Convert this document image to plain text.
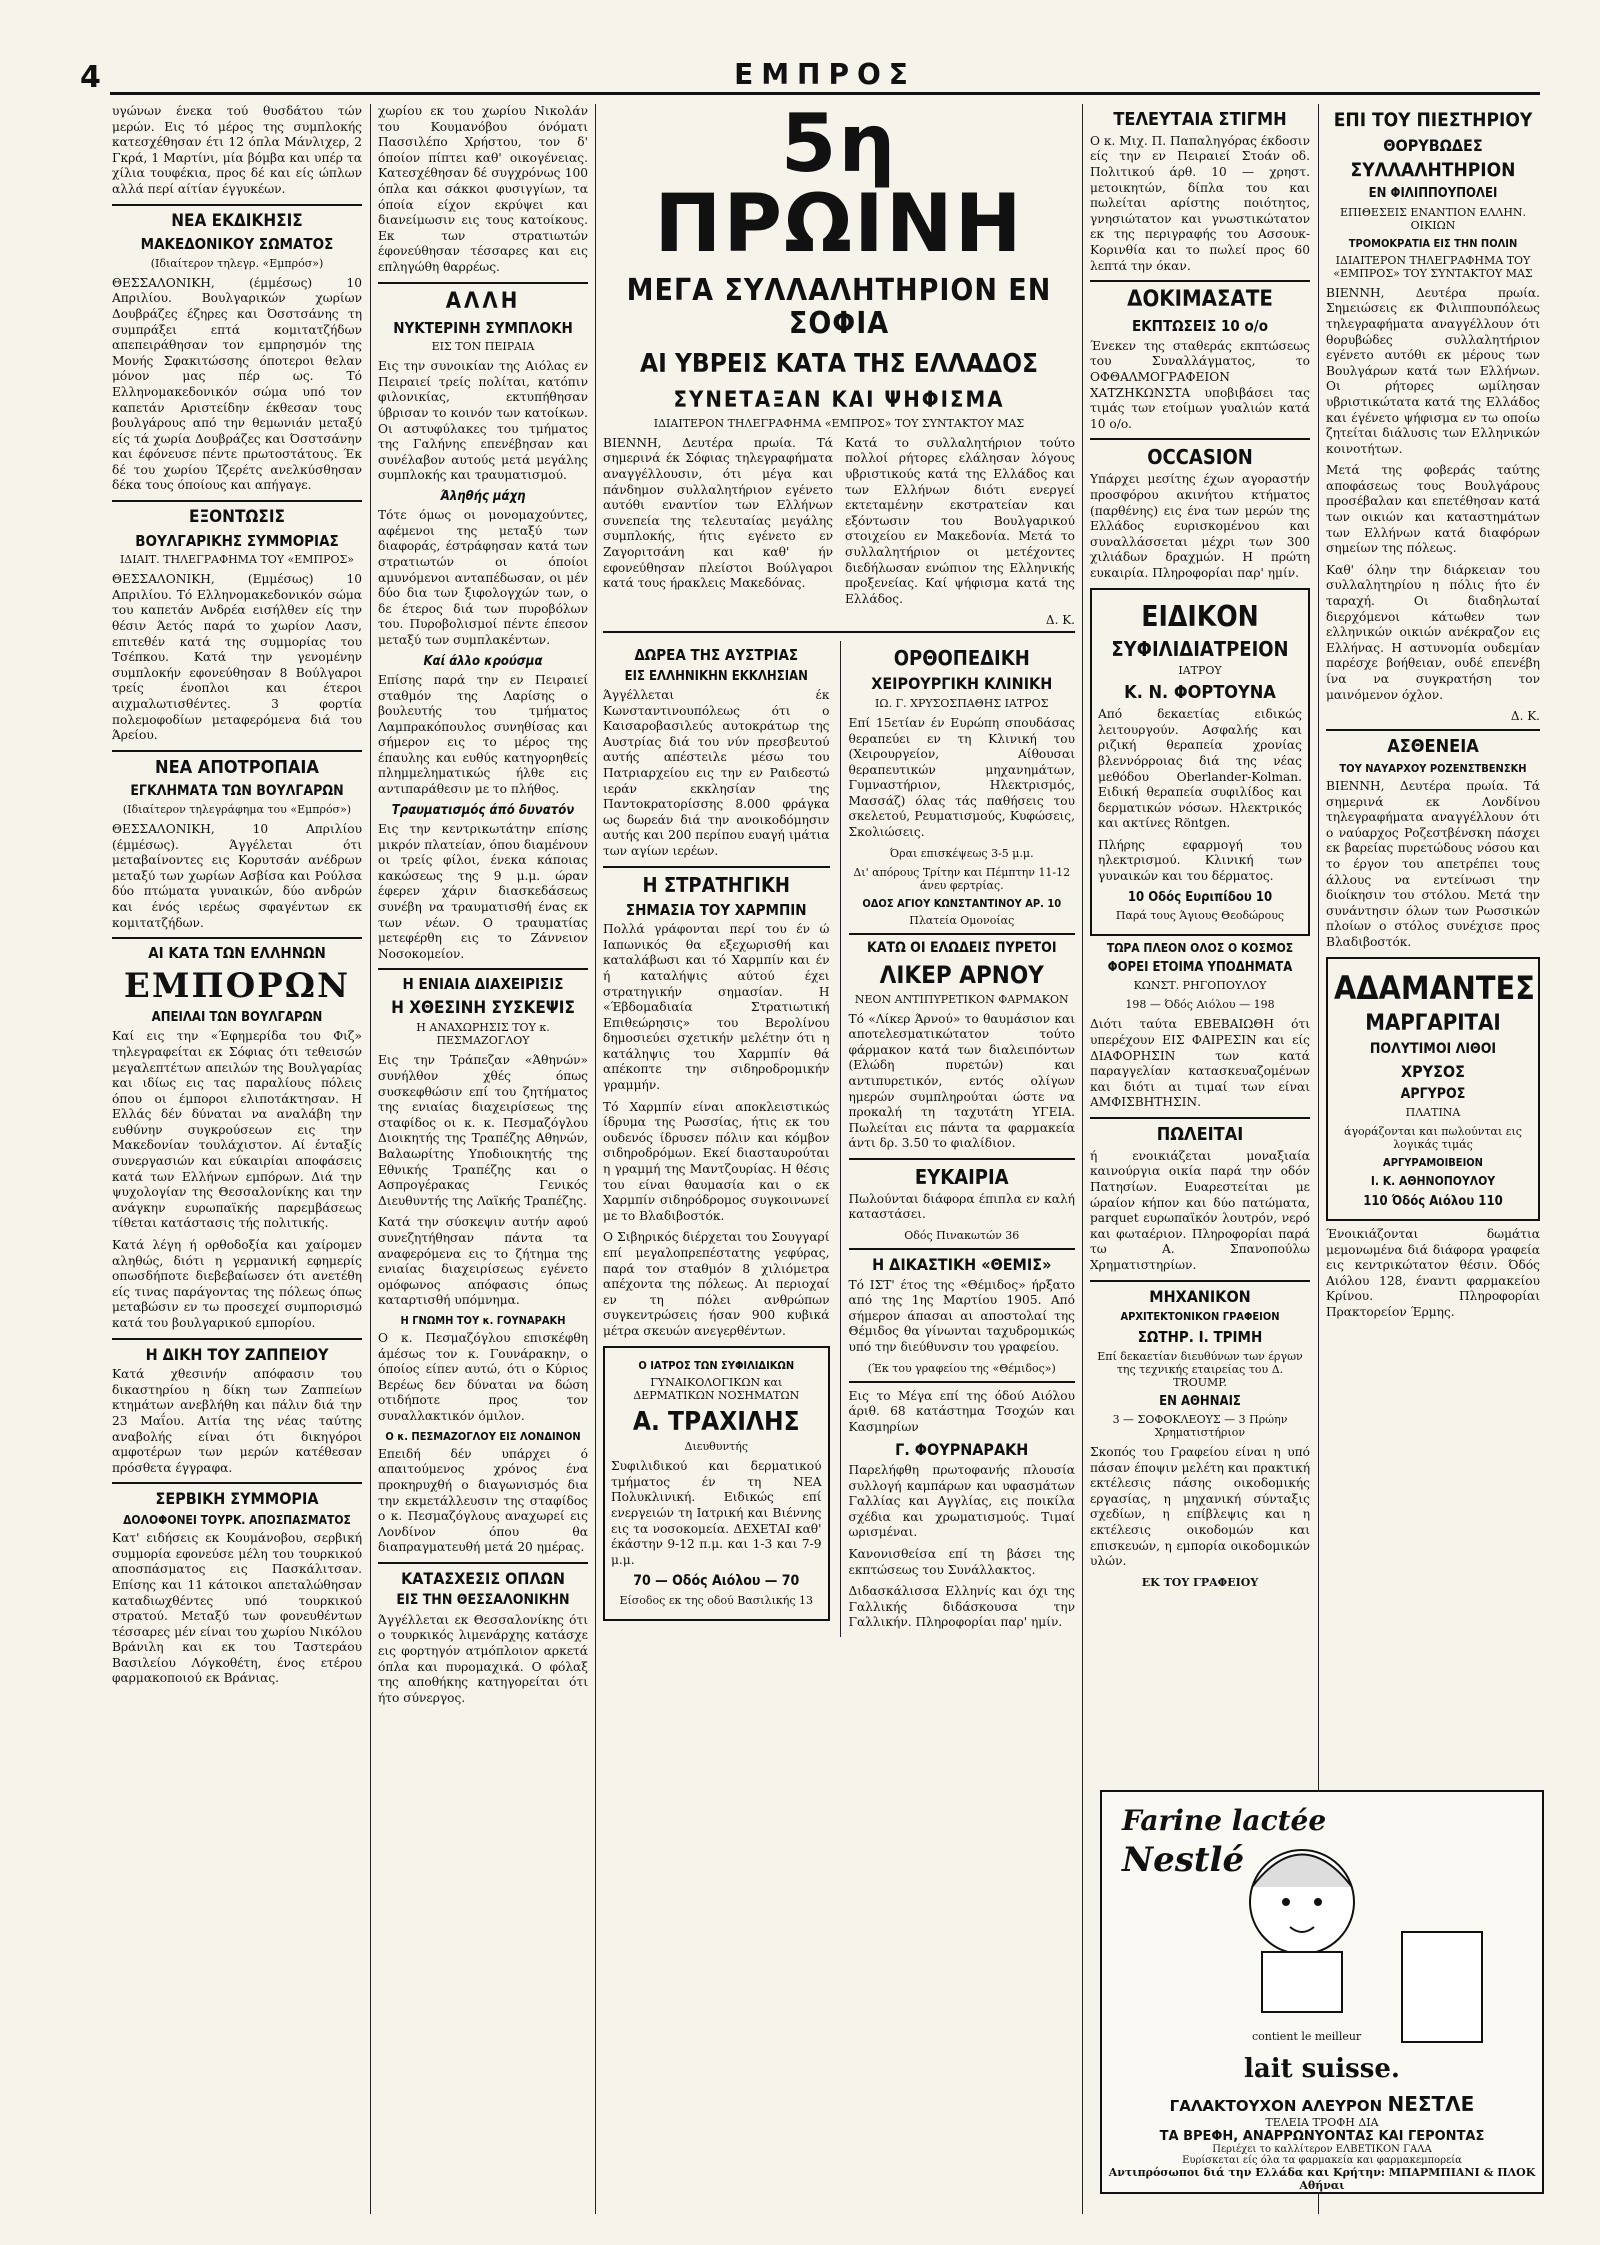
4	ΕΜΠΡΟΣ

υγώνων ένεκα τού θυσδάτου τών μερών. Εις τό μέρος της συμπλοκής κατεσχέθησαν έτι 12 όπλα Μάνλιχερ, 2 Γκρά, 1 Μαρτίνι, μία βόμβα και υπέρ τα χίλια τουφέκια, προς δέ και είς ώπλων αλλά περί αίτίαν έγγυκέων.

ΝΕΑ ΕΚΔΙΚΗΣΙΣ
ΜΑΚΕΔΟΝΙΚΟΥ ΣΩΜΑΤΟΣ
(Ιδιαίτερον τηλεγρ. «Εμπρόσ»)

ΘΕΣΣΑΛΟΝΙΚΗ, (έμμέσως) 10 Απριλίου. Βουλγαρικών χωρίων Δουβράζες έζηρες και Όσστσάνης τη συμπράξει επτά κομιτατζήδων απεπειράθησαν τον εμπρησμόν της Μονής Σφακιτώσσης όποτεροι θελαν μόνον μας πέρ ως. Τό Ελληνομακεδονικόν σώμα υπό τον καπετάν Αριστείδην έκθεσαν τους βουλγάρους από την θεμωνιάν μεταξύ είς τά χωρία Δουβράζες και Όσστσάνην και έφόνευσε πέντε πρωτοστάτους. Έκ δέ του χωρίου Ίζερέτς ανελκύσθησαν δέκα τους όποίους και απήγαγε.

ΕΞΟΝΤΩΣΙΣ
ΒΟΥΛΓΑΡΙΚΗΣ ΣΥΜΜΟΡΙΑΣ
ΙΔΙΑΙΤ. ΤΗΛΕΓΡΑΦΗΜΑ ΤΟΥ «ΕΜΠΡΟΣ»

ΘΕΣΣΑΛΟΝΙΚΗ, (Εμμέσως) 10 Απριλίου. Τό Ελληνομακεδονικόν σώμα του καπετάν Ανδρέα εισήλθεν είς την θέσιν Άετός παρά το χωρίον Λασν, επιτεθέν κατά της συμμορίας του Τσέπκου. Κατά την γενομένην συμπλοκήν εφονεύθησαν 8 Βούλγαροι τρείς ένοπλοι και έτεροι αιχμαλωτισθέντες. 3 φορτία πολεμοφοδίων μεταφερόμενα διά του Άρείου.

ΝΕΑ ΑΠΟΤΡΟΠΑΙΑ
ΕΓΚΛΗΜΑΤΑ ΤΩΝ ΒΟΥΛΓΑΡΩΝ
(Ιδιαίτερον τηλεγράφημα του «Εμπρόσ»)

ΘΕΣΣΑΛΟΝΙΚΗ, 10 Απριλίου (έμμέσως). Άγγέλεται ότι μεταβαίνοντες εις Κορυτσάν ανέδρων μεταξύ των χωρίων Ασβίσα και Ρούλσα δύο πτώματα γυναικών, δύο ανδρών και ένός ιερέως σφαγέντων εκ κομιτατζήδων.

ΑΙ ΚΑΤΑ ΤΩΝ ΕΛΛΗΝΩΝ
ΕΜΠΟΡΩΝ
ΑΠΕΙΛΑΙ ΤΩΝ ΒΟΥΛΓΑΡΩΝ

Καί εις την «Έφημερίδα του Φιζ» τηλεγραφείται εκ Σόφιας ότι τεθεισών μεγαλεπτέτων απειλών της Βουλγαρίας και ιδίως εις τας παραλίους πόλεις όπου οι έμποροι ελιποτάκτησαν. Η Ελλάς δέν δύναται να αναλάβη την ευθύνην συγκρούσεων εις την Μακεδονίαν τουλάχιστον. Αί ένταξίς συνεργασιών και εύκαιρίαι αποφάσεις κατά των Ελλήνων εμπόρων. Διά την ψυχολογίαν της Θεσσαλονίκης και την ανάγκην ευρωπαϊκής παρεμβάσεως τίθεται κατάστασις τής πολιτικής.

Κατά λέγη ή ορθοδοξία και χαίρομεν αληθώς, διότι η γερμανική εφημερίς οπωσδήποτε διεβεβαίωσεν ότι ανετέθη είς τινας παράγοντας της πόλεως όπως μεταβώσιν εν τω προσεχεί συμπορισμώ κατά του βουλγαρικού εμπορίου.

Η ΔΙΚΗ ΤΟΥ ΖΑΠΠΕΙΟΥ

Κατά χθεσινήν απόφασιν του δικαστηρίου η δίκη των Ζαππείων κτημάτων ανεβλήθη και πάλιν διά την 23 Μαΐου. Αιτία της νέας ταύτης αναβολής είναι ότι δικηγόροι αμφοτέρων των μερών κατέθεσαν πρόσθετα έγγραφα.

ΣΕΡΒΙΚΗ ΣΥΜΜΟΡΙΑ
ΔΟΛΟΦΟΝΕΙ ΤΟΥΡΚ. ΑΠΟΣΠΑΣΜΑΤΟΣ

Κατ' ειδήσεις εκ Κουμάνοβου, σερβική συμμορία εφονεύσε μέλη του τουρκικού αποσπάσματος εις Πασκάλιτσαν. Επίσης και 11 κάτοικοι απεταλώθησαν καταδιωχθέντες υπό τουρκικού στρατού. Μεταξύ των φονευθέντων τέσσαρες μέν είναι του χωρίου Νικόλου Βράνιλη και εκ του Ταστεράου Βασιλείου Λόγκοθέτη, ένος ετέρου φαρμακοποιού εκ Βράνιας.

χωρίου εκ του χωρίου Νικολάν του Κουμανόβου όνόματι Πασσιλέπο Χρήστου, τον δ' όποίον πίπτει καθ' οικογένειας. Κατεσχέθησαν δέ συγχρόνως 100 όπλα και σάκκοι φυσιγγίων, τα όποία είχον εκρύψει και διανείμωσιν εις τους κατοίκους. Εκ των στρατιωτών έφονεύθησαν τέσσαρες και εις επληγώθη θαρρέως.

ΑΛΛΗ
ΝΥΚΤΕΡΙΝΗ ΣΥΜΠΛΟΚΗ
ΕΙΣ ΤΟΝ ΠΕΙΡΑΙΑ

Εις την συνοικίαν της Αιόλας εν Πειραιεί τρείς πολίται, κατόπιν φιλονικίας, εκτυπήθησαν ύβρισαν το κοινόν των κατοίκων. Οι αστυφύλακες του τμήματος της Γαλήνης επενέβησαν και συνέλαβον αυτούς μετά μεγάλης συμπλοκής και τραυματισμού.

Άληθής μάχη

Τότε όμως οι μονομαχούντες, αφέμενοι της μεταξύ των διαφοράς, έστράφησαν κατά των στρατιωτών οι όποίοι αμυνόμενοι ανταπέδωσαν, οι μέν δύο δια των ξιφολογχών των, ο δε έτερος διά των πυροβόλων του. Πυροβολισμοί πέντε έπεσον μεταξύ των συμπλακέντων.

Καί άλλο κρούσμα

Επίσης παρά την εν Πειραιεί σταθμόν της Λαρίσης ο βουλευτής του τμήματος Λαμπρακόπουλος συνηθίσας και σήμερον εις το μέρος της έπαυλης και ευθύς κατηγορηθείς πλημμεληματικώς ήλθε εις αντιπαράθεσιν με το πλήθος.

Τραυματισμός άπό δυνατόν

Εις την κεντρικωτάτην επίσης μικρόν πλατείαν, όπου διαμένουν οι τρείς φίλοι, ένεκα κάποιας κακώσεως της 9 μ.μ. ώραν έφερεν χάριν διασκεδάσεως συνέβη να τραυματισθή ένας εκ των νέων. Ο τραυματίας μετεφέρθη εις το Ζάννειον Νοσοκομείον.

Η ΕΝΙΑΙΑ ΔΙΑΧΕΙΡΙΣΙΣ
Η ΧΘΕΣΙΝΗ ΣΥΣΚΕΨΙΣ
Η ΑΝΑΧΩΡΗΣΙΣ ΤΟΥ κ. ΠΕΣΜΑΖΟΓΛΟΥ

Εις την Τράπεζαν «Άθηνών» συνήλθον χθές όπως συσκεφθώσιν επί του ζητήματος της ενιαίας διαχειρίσεως της σταφίδος οι κ. κ. Πεσμαζόγλου Διοικητής της Τραπέζης Αθηνών, Βαλαωρίτης Υποδιοικητής της Εθνικής Τραπέζης και ο Ασπρογέρακας Γενικός Διευθυντής της Λαϊκής Τραπέζης.

Κατά την σύσκεψιν αυτήν αφού συνεζητήθησαν πάντα τα αναφερόμενα εις το ζήτημα της ενιαίας διαχειρίσεως εγένετο ομόφωνος απόφασις όπως καταρτισθή υπόμνημα.

Η ΓΝΩΜΗ ΤΟΥ κ. ΓΟΥΝΑΡΑΚΗ

Ο κ. Πεσμαζόγλου επισκέφθη άμέσως τον κ. Γουνάρακην, ο όποίος είπεν αυτώ, ότι ο Κύριος Βερέως δεν δύναται να δώση οτιδήποτε προς τον συναλλακτικόν όμιλον.

Ο κ. ΠΕΣΜΑΖΟΓΛΟΥ ΕΙΣ ΛΟΝΔΙΝΟΝ

Επειδή δέν υπάρχει ό απαιτούμενος χρόνος ένα προκηρυχθή ο διαγωνισμός δια την εκμετάλλευσιν της σταφίδος ο κ. Πεσμαζόγλους αναχωρεί εις Λονδίνον όπου θα διαπραγματευθή μετά 20 ημέρας.

ΚΑΤΑΣΧΕΣΙΣ ΟΠΛΩΝ
ΕΙΣ ΤΗΝ ΘΕΣΣΑΛΟΝΙΚΗΝ

Άγγέλλεται εκ Θεσσαλονίκης ότι ο τουρκικός λιμενάρχης κατάσχε εις φορτηγόν ατμόπλοιον αρκετά όπλα και πυρομαχικά. Ο φόλαξ της αποθήκης κατηγορείται ότι ήτο σύνεργος.

5η ΠΡΩΙΝΗ
ΜΕΓΑ ΣΥΛΛΑΛΗΤΗΡΙΟΝ ΕΝ ΣΟΦΙΑ
ΑΙ ΥΒΡΕΙΣ ΚΑΤΑ ΤΗΣ ΕΛΛΑΔΟΣ
ΣΥΝΕΤΑΞΑΝ ΚΑΙ ΨΗΦΙΣΜΑ
ΙΔΙΑΙΤΕΡΟΝ ΤΗΛΕΓΡΑΦΗΜΑ «ΕΜΠΡΟΣ» ΤΟΥ ΣΥΝΤΑΚΤΟΥ ΜΑΣ

ΒΙΕΝΝΗ, Δευτέρα πρωία. Τά σημερινά έκ Σόφιας τηλεγραφήματα αναγγέλλουσιν, ότι μέγα και πάνδημον συλλαλητήριον εγένετο αυτόθι εναντίον των Ελλήνων συνεπεία της τελευταίας μεγάλης συμπλοκής, ήτις εγένετο εν Ζαγοριτσάνη και καθ' ήν εφονεύθησαν πλείστοι Βούλγαροι κατά τους ήρακλεις Μακεδόνας.

Κατά το συλλαλητήριον τούτο πολλοί ρήτορες ελάλησαν λόγους υβριστικούς κατά της Ελλάδος και των Ελλήνων διότι ενεργεί εκτεταμένην εκστρατείαν και εξόντωσιν του Βουλγαρικού στοιχείου εν Μακεδονία. Μετά το συλλαλητήριον οι μετέχοντες διεδήλωσαν ενώπιον της Ελληνικής προξενείας. Καί ψήφισμα κατά της Ελλάδος.

Δ. Κ.
ΔΩΡΕΑ ΤΗΣ ΑΥΣΤΡΙΑΣ
ΕΙΣ ΕΛΛΗΝΙΚΗΝ ΕΚΚΛΗΣΙΑΝ

Άγγέλλεται έκ Κωνσταντινουπόλεως ότι ο Καισαροβασιλεύς αυτοκράτωρ της Αυστρίας διά του νύν πρεσβευτού αυτής απέστειλε μέσω του Πατριαρχείου εις την εν Ραιδεστώ ιεράν εκκλησίαν της Παντοκρατορίσσης 8.000 φράγκα ως δωρεάν διά την ανοικοδόμησιν αυτής και 200 περίπου ευαγή ιμάτια των αγίων ιερέων.

Η ΣΤΡΑΤΗΓΙΚΗ
ΣΗΜΑΣΙΑ ΤΟΥ ΧΑΡΜΠΙΝ

Πολλά γράφονται περί του έν ώ Ιαπωνικός θα εξεχωρισθή και καταλάβωσι και τό Χαρμπίν και έν ή καταλήψις αύτού έχει στρατηγικήν σημασίαν. Η «Έβδομαδιαία Στρατιωτική Επιθεώρησις» του Βερολίνου δημοσιεύει σχετικήν μελέτην ότι η κατάληψις του Χαρμπίν θά απέκοπτε την σιδηροδρομικήν γραμμήν.

Τό Χαρμπίν είναι αποκλειστικώς ίδρυμα της Ρωσσίας, ήτις εκ του ουδενός ίδρυσεν πόλιν και κόμβον σιδηροδρόμων. Εκεί διασταυρούται η γραμμή της Μαντζουρίας. Η θέσις του είναι θαυμασία και ο εκ Χαρμπίν σιδηρόδρομος συγκοινωνεί με το Βλαδιβοστόκ.

Ο Σιβηρικός διέρχεται του Σουγγαρί επί μεγαλοπρεπέστατης γεφύρας, παρά τον σταθμόν 8 χιλιόμετρα απέχοντα της πόλεως. Αι περιοχαί εν τη πόλει ανθρώπων συγκεντρώσεις ήσαν 900 κυβικά μέτρα σκευών ανεγερθέντων.

Ο ΙΑΤΡΟΣ ΤΩΝ ΣΥΦΙΛΙΔΙΚΩΝ
ΓΥΝΑΙΚΟΛΟΓΙΚΩΝ και ΔΕΡΜΑΤΙΚΩΝ ΝΟΣΗΜΑΤΩΝ
Α. ΤΡΑΧΙΛΗΣ
Διευθυντής

Συφιλιδικού και δερματικού τμήματος έν τη ΝΕΑ Πολυκλινική. Ειδικώς επί ενεργειών τη Ιατρική και Βιέννης εις τα νοσοκομεία. ΔΕΧΕΤΑΙ καθ' έκάστην 9-12 π.μ. και 1-3 και 7-9 μ.μ.

70 — Οδός Αιόλου — 70
Είσοδος εκ της οδού Βασιλικής 13
ΟΡΘΟΠΕΔΙΚΗ
ΧΕΙΡΟΥΡΓΙΚΗ ΚΛΙΝΙΚΗ
ΙΩ. Γ. ΧΡΥΣΟΣΠΑΘΗΣ ΙΑΤΡΟΣ

Επί 15ετίαν έν Ευρώπη σπουδάσας θεραπεύει εν τη Κλινική του (Χειρουργείον, Αίθουσαι θεραπευτικών μηχανημάτων, Γυμναστήριον, Ηλεκτρισμός, Μασσάζ) όλας τάς παθήσεις του σκελετού, Ρευματισμούς, Κυφώσεις, Σκολιώσεις.

Όραι επισκέψεως 3-5 μ.μ.
Δι' απόρους Τρίτην και Πέμπτην 11-12 άνευ φερτρίας.
ΟΔΟΣ ΑΓΙΟΥ ΚΩΝΣΤΑΝΤΙΝΟΥ ΑΡ. 10
Πλατεία Ομονοίας
ΚΑΤΩ ΟΙ ΕΛΩΔΕΙΣ ΠΥΡΕΤΟΙ
ΛΙΚΕΡ ΑΡΝΟΥ
ΝΕΟΝ ΑΝΤΙΠΥΡΕΤΙΚΟΝ ΦΑΡΜΑΚΟΝ

Τό «Λίκερ Άρνού» το θαυμάσιον και αποτελεσματικώτατον τούτο φάρμακον κατά των διαλειπόντων (Ελώδη πυρετών) και αντιπυρετικόν, εντός ολίγων ημερών συμπληρούται ώστε να προκαλή τη ταχυτάτη ΥΓΕΙΑ. Πωλείται εις πάντα τα φαρμακεία άντι δρ. 3.50 το φιαλίδιον.

ΕΥΚΑΙΡΙΑ

Πωλούνται διάφορα έπιπλα εν καλή καταστάσει.

Οδός Πινακωτών 36
Η ΔΙΚΑΣΤΙΚΗ «ΘΕΜΙΣ»

Τό ΙΣΤ' έτος της «Θέμιδος» ήρξατο από της 1ης Μαρτίου 1905. Από σήμερον άπασαι αι αποστολαί της Θέμιδος θα γίνωνται ταχυδρομικώς υπό την διεύθυνσιν του γραφείου.

(Έκ του γραφείου της «Θέμιδος»)

Εις το Μέγα επί της όδού Αιόλου άριθ. 68 κατάστημα Τσοχών και Κασμηρίων

Γ. ΦΟΥΡΝΑΡΑΚΗ

Παρελήφθη πρωτοφανής πλουσία συλλογή καμπάρων και υφασμάτων Γαλλίας και Αγγλίας, εις ποικίλα σχέδια και χρωματισμούς. Τιμαί ωρισμέναι.

Κανονισθείσα επί τη βάσει της εκπτώσεως του Συνάλλακτος.

Διδασκάλισσα Ελληνίς και όχι της Γαλλικής διδάσκουσα την Γαλλικήν. Πληροφορίαι παρ' ημίν.

ΤΕΛΕΥΤΑΙΑ ΣΤΙΓΜΗ

Ο κ. Μιχ. Π. Παπαληγόρας έκδοσιν είς την εν Πειραιεί Στοάν οδ. Πολιτικού άρθ. 10 — χρηστ. μετοικητών, δίπλα του και πωλείται αρίστης ποιότητος, γνησιώτατον και γνωστικώτατον εκ της περιγραφής του Ασσουκ-Κορινθία και το πωλεί προς 60 λεπτά την όκαν.

ΔΟΚΙΜΑΣΑΤΕ
ΕΚΠΤΩΣΕΙΣ 10 ο/ο

Ένεκεν της σταθεράς εκπτώσεως του Συναλλάγματος, το ΟΦΘΑΛΜΟΓΡΑΦΕΙΟΝ ΧΑΤΖΗΚΩΝΣΤΑ υποβιβάσει τας τιμάς των ετοίμων γυαλιών κατά 10 ο/ο.

OCCASION

Υπάρχει μεσίτης έχων αγοραστήν προσφόρου ακινήτου κτήματος (παρθένης) εις ένα των μερών της Ελλάδος ευρισκομένου και συναλλάσσεται μέχρι των 300 χιλιάδων δραχμών. Η πρώτη ευκαιρία. Πληροφορίαι παρ' ημίν.

ΕΙΔΙΚΟΝ
ΣΥΦΙΛΙΔΙΑΤΡΕΙΟΝ
ΙΑΤΡΟΥ
Κ. Ν. ΦΟΡΤΟΥΝΑ

Από δεκαετίας ειδικώς λειτουργούν. Ασφαλής και ριζική θεραπεία χρονίας βλεννόρροιας διά της νέας μεθόδου Oberlander-Kolman. Ειδική θεραπεία συφιλίδος και δερματικών νόσων. Ηλεκτρικός και ακτίνες Röntgen.

Πλήρης εφαρμογή του ηλεκτρισμού. Κλινική των γυναικών και του δέρματος.

10 Οδός Ευριπίδου 10
Παρά τους Άγιους Θεοδώρους
ΤΩΡΑ ΠΛΕΟΝ ΟΛΟΣ Ο ΚΟΣΜΟΣ
ΦΟΡΕΙ ΕΤΟΙΜΑ ΥΠΟΔΗΜΑΤΑ
ΚΩΝΣΤ. ΡΗΓΟΠΟΥΛΟΥ
198 — Όδός Αιόλου — 198

Διότι ταύτα ΕΒΕΒΑΙΩΘΗ ότι υπερέχουν ΕΙΣ ΦΑΙΡΕΣΙΝ και είς ΔΙΑΦΟΡΗΣΙΝ των κατά παραγγελίαν κατασκευαζομένων και διότι αι τιμαί των είναι ΑΜΦΙΣΒΗΤΗΣΙΝ.

ΠΩΛΕΙΤΑΙ

ή ενοικιάζεται μοναξιαία καινούργια οικία παρά την οδόν Πατησίων. Ευαρεστείται με ώραίον κήπον και δύο πατώματα, parquet ευρωπαϊκόν λουτρόν, νερό και φωταέριον. Πληροφορίαι παρά τω Α. Σπανοπούλω Χρηματιστηρίων.

ΜΗΧΑΝΙΚΟΝ
ΑΡΧΙΤΕΚΤΟΝΙΚΟΝ ΓΡΑΦΕΙΟΝ
ΣΩΤΗΡ. Ι. ΤΡΙΜΗ
Επί δεκαετίαν διευθύνων των έργων της τεχνικής εταιρείας του Δ. TROUMP.
ΕΝ ΑΘΗΝΑΙΣ
3 — ΣΟΦΟΚΛΕΟΥΣ — 3 Πρώην Χρηματιστήριον

Σκοπός του Γραφείου είναι η υπό πάσαν έποψιν μελέτη και πρακτική εκτέλεσις πάσης οικοδομικής εργασίας, η μηχανική σύνταξις σχεδίων, η επίβλεψις και η εκτέλεσις οικοδομών και επισκευών, η εμπορία οικοδομικών υλών.

ΕΚ ΤΟΥ ΓΡΑΦΕΙΟΥ
ΕΠΙ ΤΟΥ ΠΙΕΣΤΗΡΙΟΥ
ΘΟΡΥΒΩΔΕΣ
ΣΥΛΛΑΛΗΤΗΡΙΟΝ
ΕΝ ΦΙΛΙΠΠΟΥΠΟΛΕΙ
ΕΠΙΘΕΣΕΙΣ ΕΝΑΝΤΙΟΝ ΕΛΛΗΝ. ΟΙΚΙΩΝ
ΤΡΟΜΟΚΡΑΤΙΑ ΕΙΣ ΤΗΝ ΠΟΛΙΝ
ΙΔΙΑΙΤΕΡΟΝ ΤΗΛΕΓΡΑΦΗΜΑ ΤΟΥ «ΕΜΠΡΟΣ» ΤΟΥ ΣΥΝΤΑΚΤΟΥ ΜΑΣ

ΒΙΕΝΝΗ, Δευτέρα πρωία. Σημειώσεις εκ Φιλιππουπόλεως τηλεγραφήματα αναγγέλλουν ότι θορυβώδες συλλαλητήριον εγένετο αυτόθι εκ μέρους των Βουλγάρων κατά των Ελλήνων. Οι ρήτορες ωμίλησαν υβριστικώτατα κατά της Ελλάδος και έγένετο ψήφισμα εν τω οποίω ζητείται διάλυσις των Ελληνικών κοινοτήτων.

Μετά της φοβεράς ταύτης αποφάσεως τους Βουλγάρους προσέβαλαν και επετέθησαν κατά των οικιών και καταστημάτων των Ελλήνων κατά διαφόρων σημείων της πόλεως.

Καθ' όλην την διάρκειαν του συλλαλητηρίου η πόλις ήτο έν ταραχή. Οι διαδηλωταί διερχόμενοι κάτωθεν των ελληνικών οικιών ανέκραζον εις Ελλήνας. Η αστυνομία ουδεμίαν παρέσχε βοήθειαν, ουδέ επενέβη ίνα να συγκρατήση τον μαινόμενον όχλον.

Δ. Κ.
ΑΣΘΕΝΕΙΑ
ΤΟΥ ΝΑΥΑΡΧΟΥ ΡΟΖΕΝΣΤΒΕΝΣΚΗ

ΒΙΕΝΝΗ, Δευτέρα πρωία. Τά σημερινά εκ Λονδίνου τηλεγραφήματα αναγγέλλουν ότι ο ναύαρχος Ροζεστβένσκη πάσχει εκ βαρείας πυρετώδους νόσου και το έργον του απετρέπει τους άλλους να εντείνωσι την διοίκησιν του στόλου. Μετά την συνάντησιν όλων των Ρωσσικών πλοίων ο στόλος συνέχισε προς Βλαδιβοστόκ.

ΑΔΑΜΑΝΤΕΣ
ΜΑΡΓΑΡΙΤΑΙ
ΠΟΛΥΤΙΜΟΙ ΛΙΘΟΙ
ΧΡΥΣΟΣ
ΑΡΓΥΡΟΣ
ΠΛΑΤΙΝΑ
άγοράζονται και πωλούνται εις λογικάς τιμάς
ΑΡΓΥΡΑΜΟΙΒΕΙΟΝ
Ι. Κ. ΑΘΗΝΟΠΟΥΛΟΥ
110 Όδός Αιόλου 110

Ένοικιάζονται δωμάτια μεμονωμένα διά διάφορα γραφεία εις κεντρικώτατον θέσιν. Όδός Αιόλου 128, έναντι φαρμακείου Κρίνου. Πληροφορίαι Πρακτορείον Έρμης.

Farine lactée
Nestlé
contient le meilleur
lait suisse.
ΓΑΛΑΚΤΟΥΧΟΝ ΑΛΕΥΡΟΝ ΝΕΣΤΛΕ
ΤΕΛΕΙΑ ΤΡΟΦΗ ΔΙΑ
ΤΑ ΒΡΕΦΗ, ΑΝΑΡΡΩΝΥΟΝΤΑΣ ΚΑΙ ΓΕΡΟΝΤΑΣ
Περιέχει το καλλίτερον ΕΛΒΕΤΙΚΟΝ ΓΑΛΑ
Ευρίσκεται είς όλα τα φαρμακεία και φαρμακεμπορεία
Αντιπρόσωποι διά την Ελλάδα και Κρήτην: ΜΠΑΡΜΠΙΑΝΙ & ΠΛΟΚ Αθήναι
